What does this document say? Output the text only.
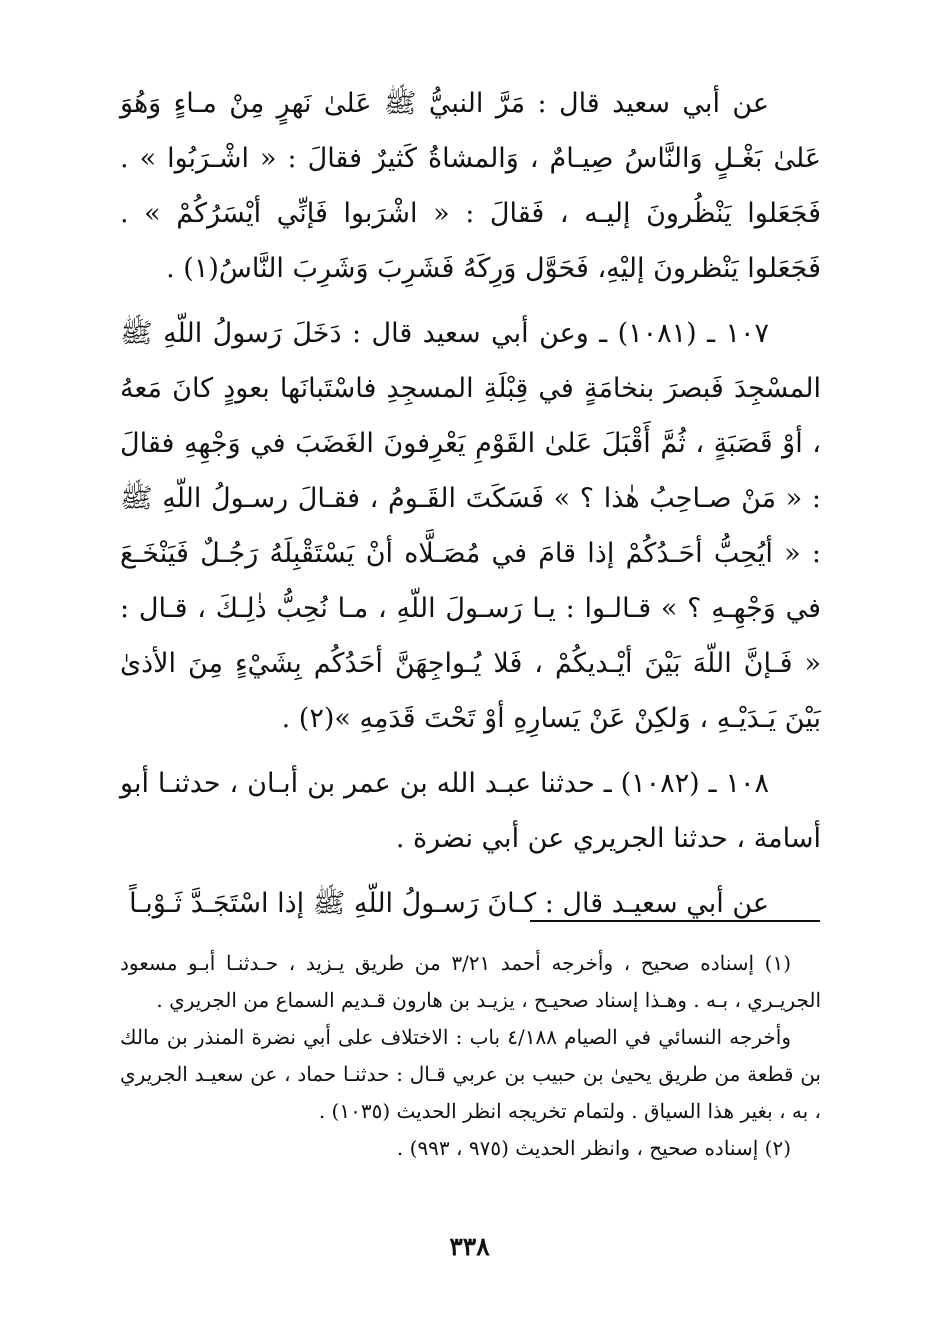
عن أبي سعيد قال : مَرَّ النبيُّ ﷺ عَلىٰ نَهرٍ مِنْ مـاءٍ وَهُوَ عَلىٰ بَغْـلٍ وَالنَّاسُ صِيـامٌ ، وَالمشاةُ كَثيرٌ فقالَ : « اشْـرَبُوا » . فَجَعَلوا يَنْظُرونَ إليـه ، فَقالَ : « اشْرَبوا فَإنِّي أيْسَرُكُمْ » . فَجَعَلوا يَنْظرونَ إليْهِ، فَحَوَّل وَرِكَهُ فَشَرِبَ وَشَرِبَ النَّاسُ(١) .

١٠٧ ـ (١٠٨١) ـ وعن أبي سعيد قال : دَخَلَ رَسولُ اللّهِ ﷺ المسْجِدَ فَبصرَ بنخامَةٍ في قِبْلَةِ المسجِدِ فاسْتَبانَها بعودٍ كانَ مَعهُ ، أوْ قَصَبَةٍ ، ثُمَّ أَقْبَلَ عَلىٰ القَوْمِ يَعْرِفونَ الغَضَبَ في وَجْهِهِ فقالَ : « مَنْ صـاحِبُ هٰذا ؟ » فَسَكَتَ القَـومُ ، فقـالَ رسـولُ اللّهِ ﷺ : « أيُحِبُّ أحَـدُكُمْ إذا قامَ في مُصَـلَّاه أنْ يَسْتَقْبِلَهُ رَجُـلٌ فَيَنْخَـعَ في وَجْهِـهِ ؟ » قـالـوا : يـا رَسـولَ اللّهِ ، مـا نُحِبُّ ذٰلِـكَ ، قـال : « فَـإنَّ اللّهَ بَيْنَ أيْـديكُمْ ، فَلا يُـواجِهَنَّ أحَدُكُم بِشَيْءٍ مِنَ الأذىٰ بَيْنَ يَـدَيْـهِ ، وَلكِنْ عَنْ يَسارِهِ أوْ تَحْتَ قَدَمِهِ »(٢) .

١٠٨ ـ (١٠٨٢) ـ حدثنا عبـد الله بن عمر بن أبـان ، حدثنـا أبو أسامة ، حدثنا الجريري عن أبي نضرة .

عن أبي سعيـد قال : كـانَ رَسـولُ اللّهِ ﷺ إذا اسْتَجَـدَّ ثَـوْبـاً

(١) إسناده صحيح ، وأخرجه أحمد ٣/٢١ من طريق يـزيد ، حـدثنـا أبـو مسعود الجريـري ، بـه . وهـذا إسناد صحيـح ، يزيـد بن هارون قـديم السماع من الجريري .

وأخرجه النسائي في الصيام ٤/١٨٨ باب : الاختلاف على أبي نضرة المنذر بن مالك بن قطعة من طريق يحيىٰ بن حبيب بن عربي قـال : حدثنـا حماد ، عن سعيـد الجريري ، به ، بغير هذا السياق . ولتمام تخريجه انظر الحديث (١٠٣٥) .

(٢) إسناده صحيح ، وانظر الحديث (٩٧٥ ، ٩٩٣) .

٣٣٨
